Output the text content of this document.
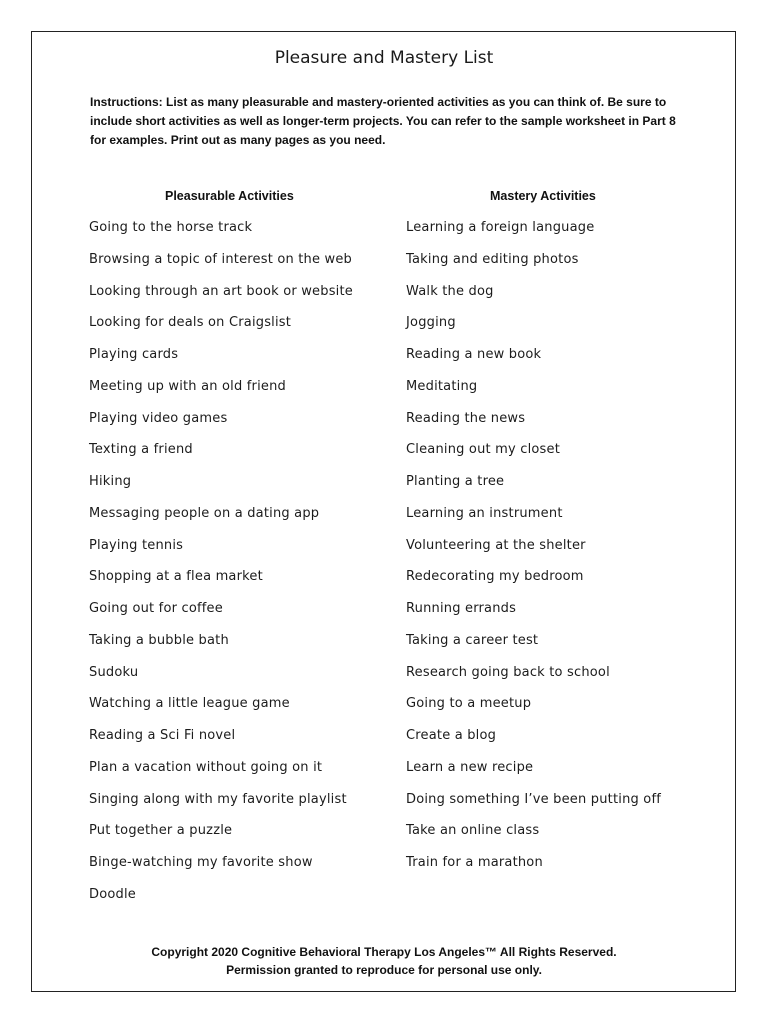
Pleasure and Mastery List
Instructions: List as many pleasurable and mastery-oriented activities as you can think of. Be sure to include short activities as well as longer-term projects. You can refer to the sample worksheet in Part 8 for examples. Print out as many pages as you need.
Pleasurable Activities	Mastery Activities
Going to the horse track
Browsing a topic of interest on the web
Looking through an art book or website
Looking for deals on Craigslist
Playing cards
Meeting up with an old friend
Playing video games
Texting a friend
Hiking
Messaging people on a dating app
Playing tennis
Shopping at a flea market
Going out for coffee
Taking a bubble bath
Sudoku
Watching a little league game
Reading a Sci Fi novel
Plan a vacation without going on it
Singing along with my favorite playlist
Put together a puzzle
Binge-watching my favorite show
Doodle
Learning a foreign language
Taking and editing photos
Walk the dog
Jogging
Reading a new book
Meditating
Reading the news
Cleaning out my closet
Planting a tree
Learning an instrument
Volunteering at the shelter
Redecorating my bedroom
Running errands
Taking a career test
Research going back to school
Going to a meetup
Create a blog
Learn a new recipe
Doing something I’ve been putting off
Take an online class
Train for a marathon
Copyright 2020 Cognitive Behavioral Therapy Los Angeles™ All Rights Reserved.
Permission granted to reproduce for personal use only.
